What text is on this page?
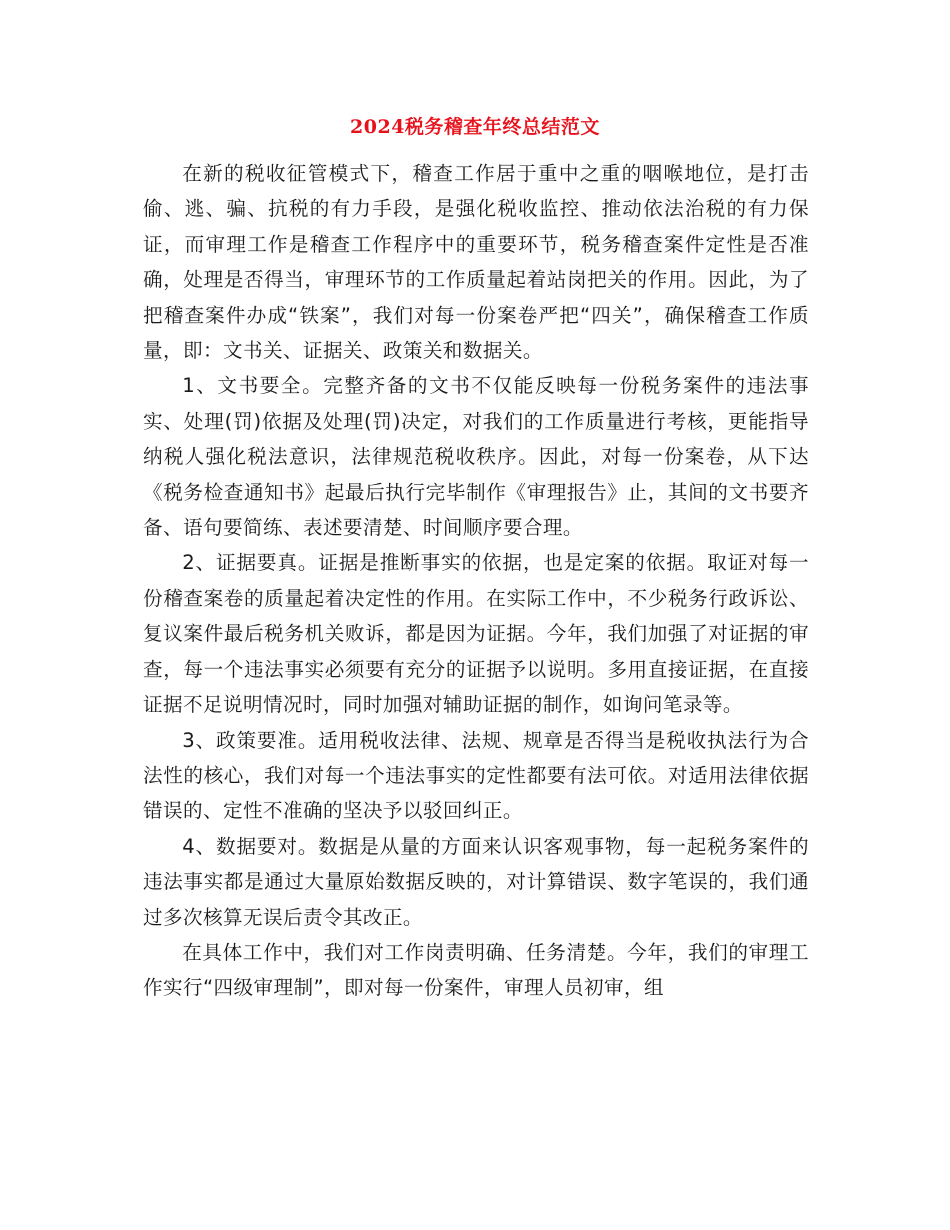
2024税务稽查年终总结范文

在新的税收征管模式下，稽查工作居于重中之重的咽喉地位，是打击偷、逃、骗、抗税的有力手段，是强化税收监控、推动依法治税的有力保证，而审理工作是稽查工作程序中的重要环节，税务稽查案件定性是否准确，处理是否得当，审理环节的工作质量起着站岗把关的作用。因此，为了把稽查案件办成“铁案”，我们对每一份案卷严把“四关”，确保稽查工作质量，即：文书关、证据关、政策关和数据关。

1、文书要全。完整齐备的文书不仅能反映每一份税务案件的违法事实、处理(罚)依据及处理(罚)决定，对我们的工作质量进行考核，更能指导纳税人强化税法意识，法律规范税收秩序。因此，对每一份案卷，从下达《税务检查通知书》起最后执行完毕制作《审理报告》止，其间的文书要齐备、语句要简练、表述要清楚、时间顺序要合理。

2、证据要真。证据是推断事实的依据，也是定案的依据。取证对每一份稽查案卷的质量起着决定性的作用。在实际工作中，不少税务行政诉讼、复议案件最后税务机关败诉，都是因为证据。今年，我们加强了对证据的审查，每一个违法事实必须要有充分的证据予以说明。多用直接证据，在直接证据不足说明情况时，同时加强对辅助证据的制作，如询问笔录等。

3、政策要准。适用税收法律、法规、规章是否得当是税收执法行为合法性的核心，我们对每一个违法事实的定性都要有法可依。对适用法律依据错误的、定性不准确的坚决予以驳回纠正。

4、数据要对。数据是从量的方面来认识客观事物，每一起税务案件的违法事实都是通过大量原始数据反映的，对计算错误、数字笔误的，我们通过多次核算无误后责令其改正。

在具体工作中，我们对工作岗责明确、任务清楚。今年，我们的审理工作实行“四级审理制”，即对每一份案件，审理人员初审，组
